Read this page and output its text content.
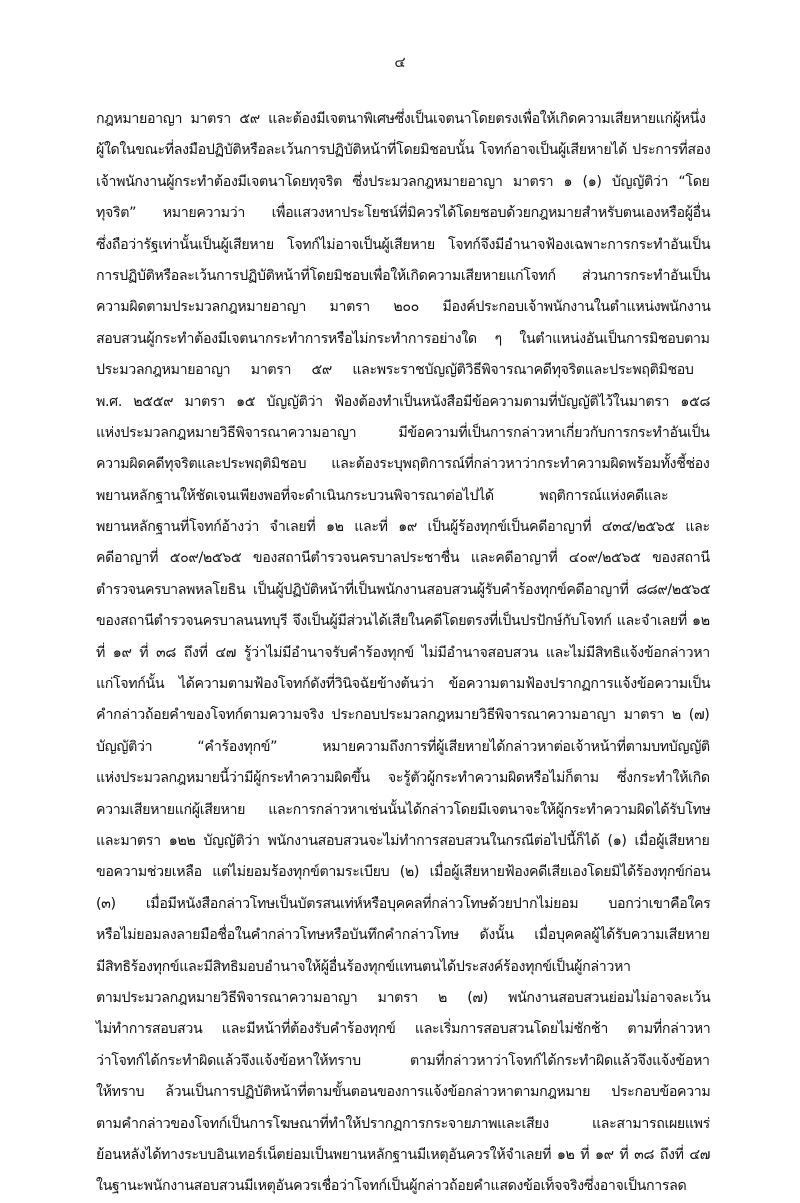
๔
กฎหมายอาญา มาตรา ๕๙ และต้องมีเจตนาพิเศษซึ่งเป็นเจตนาโดยตรงเพื่อให้เกิดความเสียหายแก่ผู้หนึ่ง
ผู้ใดในขณะที่ลงมือปฏิบัติหรือละเว้นการปฏิบัติหน้าที่โดยมิชอบนั้น โจทก์อาจเป็นผู้เสียหายได้ ประการที่สอง
เจ้าพนักงานผู้กระทำต้องมีเจตนาโดยทุจริต ซึ่งประมวลกฎหมายอาญา มาตรา ๑ (๑) บัญญัติว่า “โดย
ทุจริต” หมายความว่า เพื่อแสวงหาประโยชน์ที่มิควรได้โดยชอบด้วยกฎหมายสำหรับตนเองหรือผู้อื่น
ซึ่งถือว่ารัฐเท่านั้นเป็นผู้เสียหาย โจทก์ไม่อาจเป็นผู้เสียหาย โจทก์จึงมีอำนาจฟ้องเฉพาะการกระทำอันเป็น
การปฏิบัติหรือละเว้นการปฏิบัติหน้าที่โดยมิชอบเพื่อให้เกิดความเสียหายแก่โจทก์ ส่วนการกระทำอันเป็น
ความผิดตามประมวลกฎหมายอาญา มาตรา ๒๐๐ มีองค์ประกอบเจ้าพนักงานในตำแหน่งพนักงาน
สอบสวนผู้กระทำต้องมีเจตนากระทำการหรือไม่กระทำการอย่างใด ๆ ในตำแหน่งอันเป็นการมิชอบตาม
ประมวลกฎหมายอาญา มาตรา ๕๙ และพระราชบัญญัติวิธีพิจารณาคดีทุจริตและประพฤติมิชอบ
พ.ศ. ๒๕๕๙ มาตรา ๑๕ บัญญัติว่า ฟ้องต้องทำเป็นหนังสือมีข้อความตามที่บัญญัติไว้ในมาตรา ๑๕๘
แห่งประมวลกฎหมายวิธีพิจารณาความอาญา มีข้อความที่เป็นการกล่าวหาเกี่ยวกับการกระทำอันเป็น
ความผิดคดีทุจริตและประพฤติมิชอบ และต้องระบุพฤติการณ์ที่กล่าวหาว่ากระทำความผิดพร้อมทั้งชี้ช่อง
พยานหลักฐานให้ชัดเจนเพียงพอที่จะดำเนินกระบวนพิจารณาต่อไปได้ พฤติการณ์แห่งคดีและ
พยานหลักฐานที่โจทก์อ้างว่า จำเลยที่ ๑๒ และที่ ๑๙ เป็นผู้ร้องทุกข์เป็นคดีอาญาที่ ๔๓๔/๒๕๖๕ และ
คดีอาญาที่ ๕๐๙/๒๕๖๕ ของสถานีตำรวจนครบาลประชาชื่น และคดีอาญาที่ ๔๐๙/๒๕๖๕ ของสถานี
ตำรวจนครบาลพหลโยธิน เป็นผู้ปฏิบัติหน้าที่เป็นพนักงานสอบสวนผู้รับคำร้องทุกข์คดีอาญาที่ ๘๘๙/๒๕๖๕
ของสถานีตำรวจนครบาลนนทบุรี จึงเป็นผู้มีส่วนได้เสียในคดีโดยตรงที่เป็นปรปักษ์กับโจทก์ และจำเลยที่ ๑๒
ที่ ๑๙ ที่ ๓๘ ถึงที่ ๔๗ รู้ว่าไม่มีอำนาจรับคำร้องทุกข์ ไม่มีอำนาจสอบสวน และไม่มีสิทธิแจ้งข้อกล่าวหา
แก่โจทก์นั้น ได้ความตามฟ้องโจทก์ดังที่วินิจฉัยข้างต้นว่า ข้อความตามฟ้องปรากฏการแจ้งข้อความเป็น
คำกล่าวถ้อยคำของโจทก์ตามความจริง ประกอบประมวลกฎหมายวิธีพิจารณาความอาญา มาตรา ๒ (๗)
บัญญัติว่า “คำร้องทุกข์” หมายความถึงการที่ผู้เสียหายได้กล่าวหาต่อเจ้าหน้าที่ตามบทบัญญัติ
แห่งประมวลกฎหมายนี้ว่ามีผู้กระทำความผิดขึ้น จะรู้ตัวผู้กระทำความผิดหรือไม่ก็ตาม ซึ่งกระทำให้เกิด
ความเสียหายแก่ผู้เสียหาย และการกล่าวหาเช่นนั้นได้กล่าวโดยมีเจตนาจะให้ผู้กระทำความผิดได้รับโทษ
และมาตรา ๑๒๒ บัญญัติว่า พนักงานสอบสวนจะไม่ทำการสอบสวนในกรณีต่อไปนี้ก็ได้ (๑) เมื่อผู้เสียหาย
ขอความช่วยเหลือ แต่ไม่ยอมร้องทุกข์ตามระเบียบ (๒) เมื่อผู้เสียหายฟ้องคดีเสียเองโดยมิได้ร้องทุกข์ก่อน
(๓) เมื่อมีหนังสือกล่าวโทษเป็นบัตรสนเท่ห์หรือบุคคลที่กล่าวโทษด้วยปากไม่ยอม บอกว่าเขาคือใคร
หรือไม่ยอมลงลายมือชื่อในคำกล่าวโทษหรือบันทึกคำกล่าวโทษ ดังนั้น เมื่อบุคคลผู้ได้รับความเสียหาย
มีสิทธิร้องทุกข์และมีสิทธิมอบอำนาจให้ผู้อื่นร้องทุกข์แทนตนได้ประสงค์ร้องทุกข์เป็นผู้กล่าวหา
ตามประมวลกฎหมายวิธีพิจารณาความอาญา มาตรา ๒ (๗) พนักงานสอบสวนย่อมไม่อาจละเว้น
ไม่ทำการสอบสวน และมีหน้าที่ต้องรับคำร้องทุกข์ และเริ่มการสอบสวนโดยไม่ชักช้า ตามที่กล่าวหา
ว่าโจทก์ได้กระทำผิดแล้วจึงแจ้งข้อหาให้ทราบ ตามที่กล่าวหาว่าโจทก์ได้กระทำผิดแล้วจึงแจ้งข้อหา
ให้ทราบ ล้วนเป็นการปฏิบัติหน้าที่ตามขั้นตอนของการแจ้งข้อกล่าวหาตามกฎหมาย ประกอบข้อความ
ตามคำกล่าวของโจทก์เป็นการโฆษณาที่ทำให้ปรากฏการกระจายภาพและเสียง และสามารถเผยแพร่
ย้อนหลังได้ทางระบบอินเทอร์เน็ตย่อมเป็นพยานหลักฐานมีเหตุอันควรให้จำเลยที่ ๑๒ ที่ ๑๙ ที่ ๓๘ ถึงที่ ๔๗
ในฐานะพนักงานสอบสวนมีเหตุอันควรเชื่อว่าโจทก์เป็นผู้กล่าวถ้อยคำแสดงข้อเท็จจริงซึ่งอาจเป็นการลด
